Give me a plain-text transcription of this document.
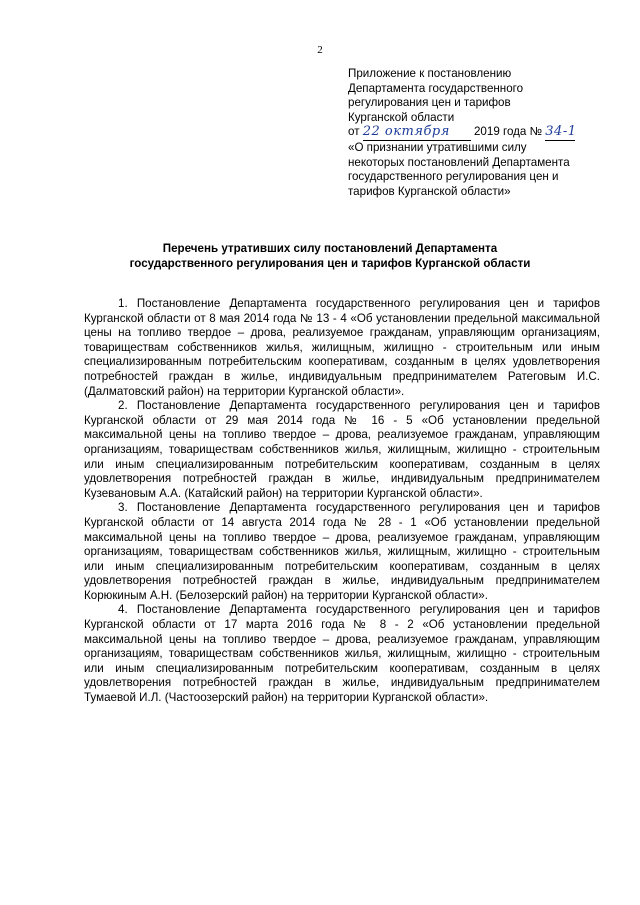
2
Приложение к постановлению
Департамента государственного
регулирования цен и тарифов
Курганской области
от 22 октября 2019 года № 34-1
«О признании утратившими силу
некоторых постановлений Департамента
государственного регулирования цен и
тарифов Курганской области»
Перечень утративших силу постановлений Департамента
государственного регулирования цен и тарифов Курганской области

1. Постановление Департамента государственного регулирования цен и тарифов Курганской области от 8 мая 2014 года № 13 - 4 «Об установлении предельной максимальной цены на топливо твердое – дрова, реализуемое гражданам, управляющим организациям, товариществам собственников жилья, жилищным, жилищно - строительным или иным специализированным потребительским кооперативам, созданным в целях удовлетворения потребностей граждан в жилье, индивидуальным предпринимателем Ратеговым И.С. (Далматовский район) на территории Курганской области».

2. Постановление Департамента государственного регулирования цен и тарифов Курганской области от 29 мая 2014 года № 16 - 5 «Об установлении предельной максимальной цены на топливо твердое – дрова, реализуемое гражданам, управляющим организациям, товариществам собственников жилья, жилищным, жилищно - строительным или иным специализированным потребительским кооперативам, созданным в целях удовлетворения потребностей граждан в жилье, индивидуальным предпринимателем Кузеванoвым А.А. (Катайский район) на территории Курганской области».

3. Постановление Департамента государственного регулирования цен и тарифов Курганской области от 14 августа 2014 года № 28 - 1 «Об установлении предельной максимальной цены на топливо твердое – дрова, реализуемое гражданам, управляющим организациям, товариществам собственников жилья, жилищным, жилищно - строительным или иным специализированным потребительским кооперативам, созданным в целях удовлетворения потребностей граждан в жилье, индивидуальным предпринимателем Корюкиным А.Н. (Белозерский район) на территории Курганской области».

4. Постановление Департамента государственного регулирования цен и тарифов Курганской области от 17 марта 2016 года № 8 - 2 «Об установлении предельной максимальной цены на топливо твердое – дрова, реализуемое гражданам, управляющим организациям, товариществам собственников жилья, жилищным, жилищно - строительным или иным специализированным потребительским кооперативам, созданным в целях удовлетворения потребностей граждан в жилье, индивидуальным предпринимателем Тумаевой И.Л. (Частоозерский район) на территории Курганской области».
